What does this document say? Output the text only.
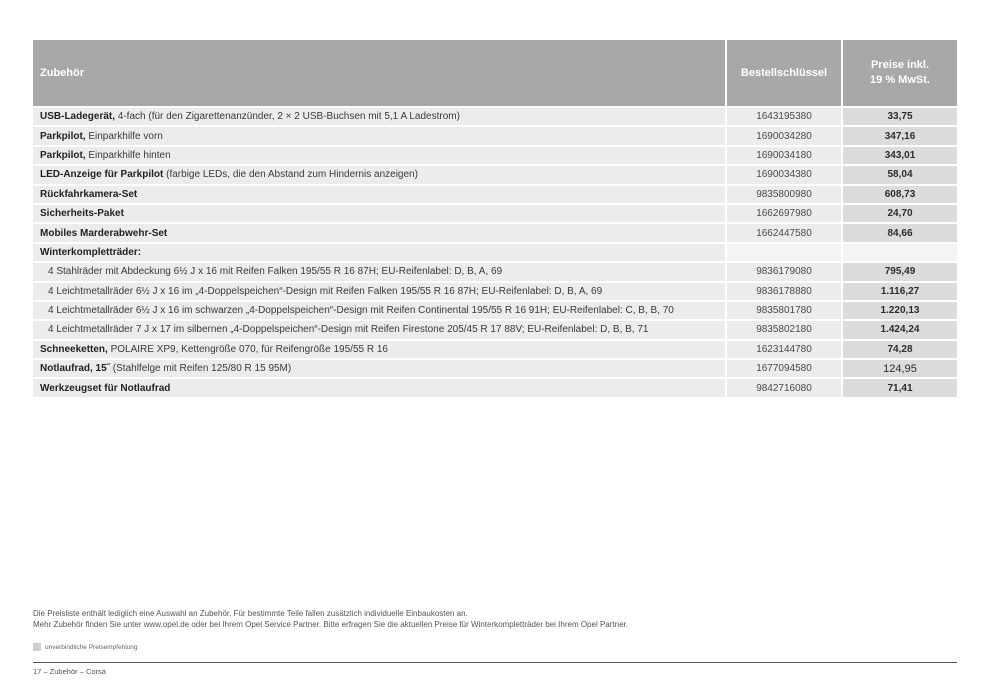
Zubehör	Bestellschlüssel	Preise inkl.
19 % MwSt.
USB-Ladegerät, 4-fach (für den Zigarettenanzünder, 2 × 2 USB-Buchsen mit 5,1 A Ladestrom)	1643195380	33,75
Parkpilot, Einparkhilfe vorn	1690034280	347,16
Parkpilot, Einparkhilfe hinten	1690034180	343,01
LED-Anzeige für Parkpilot (farbige LEDs, die den Abstand zum Hindernis anzeigen)	1690034380	58,04
Rückfahrkamera-Set	9835800980	608,73
Sicherheits-Paket	1662697980	24,70
Mobiles Marderabwehr-Set	1662447580	84,66
Winterkompletträder:		
4 Stahlräder mit Abdeckung 6½ J x 16 mit Reifen Falken 195/55 R 16 87H; EU-Reifenlabel: D, B, A, 69	9836179080	795,49
4 Leichtmetallräder 6½ J x 16 im „4-Doppelspeichen“-Design mit Reifen Falken 195/55 R 16 87H; EU-Reifenlabel: D, B, A, 69	9836178880	1.116,27
4 Leichtmetallräder 6½ J x 16 im schwarzen „4-Doppelspeichen“-Design mit Reifen Continental 195/55 R 16 91H; EU-Reifenlabel: C, B, B, 70	9835801780	1.220,13
4 Leichtmetallräder 7 J x 17 im silbernen „4-Doppelspeichen“-Design mit Reifen Firestone 205/45 R 17 88V; EU-Reifenlabel: D, B, B, 71	9835802180	1.424,24
Schneeketten, POLAIRE XP9, Kettengröße 070, für Reifengröße 195/55 R 16	1623144780	74,28
Notlaufrad, 15˝ (Stahlfelge mit Reifen 125/80 R 15 95M)	1677094580	124,95
Werkzeugset für Notlaufrad	9842716080	71,41
Die Preisliste enthält lediglich eine Auswahl an Zubehör. Für bestimmte Teile fallen zusätzlich individuelle Einbaukosten an.
Mehr Zubehör finden Sie unter www.opel.de oder bei Ihrem Opel Service Partner. Bitte erfragen Sie die aktuellen Preise für Winterkompletträder bei Ihrem Opel Partner.
unverbindliche Preisempfehlung
17 – Zubehör – Corsa
